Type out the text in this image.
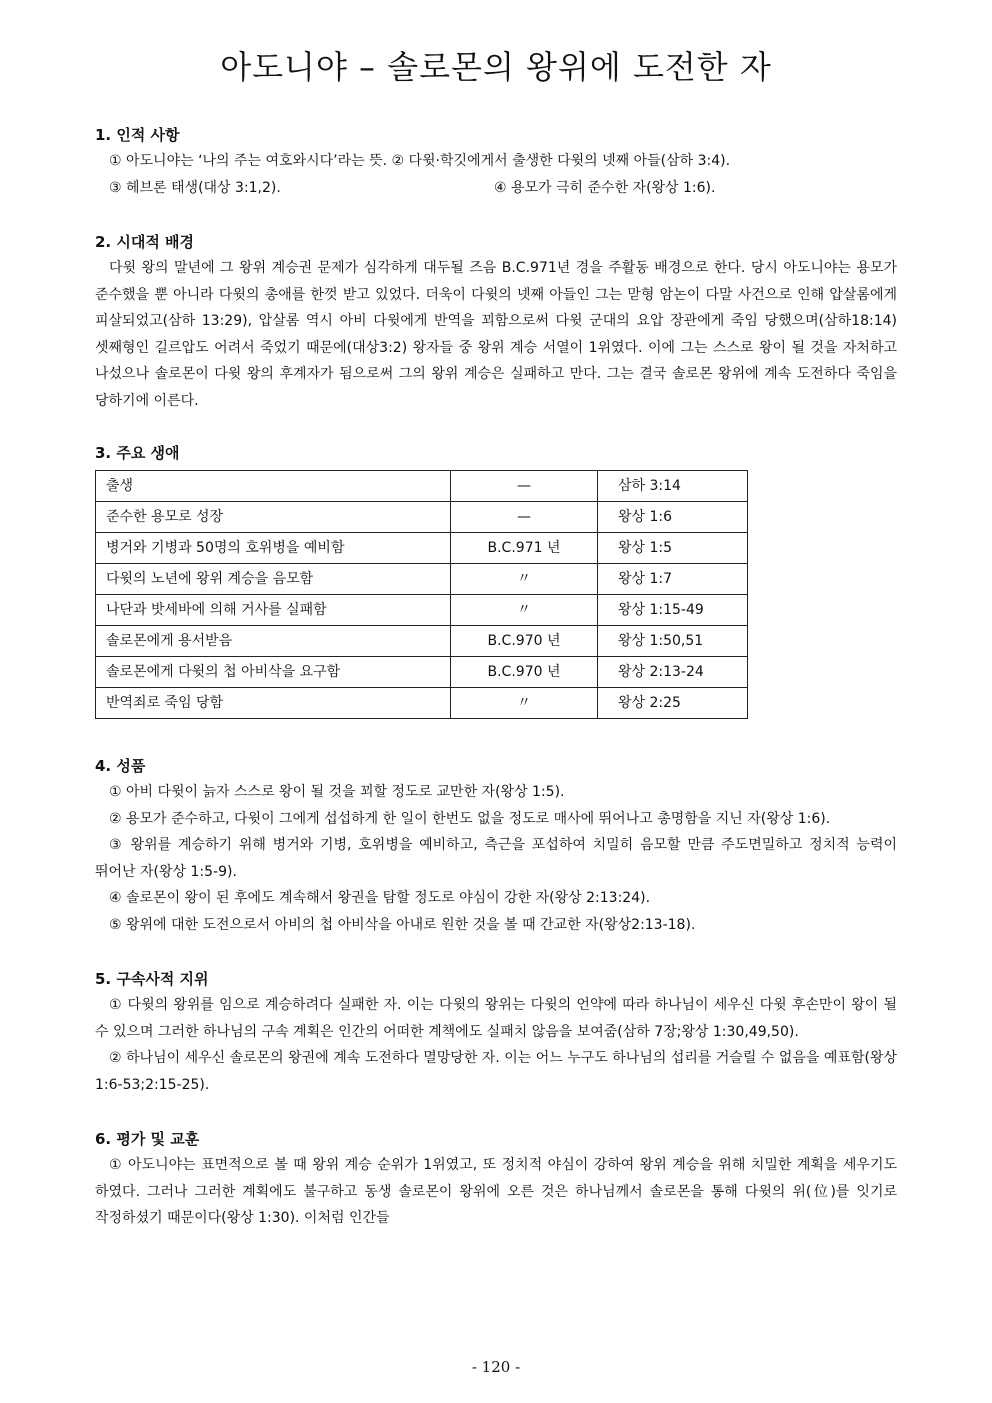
아도니야 – 솔로몬의 왕위에 도전한 자

1. 인적 사항

① 아도니야는 ‘나의 주는 여호와시다’라는 뜻. ② 다윗·학깃에게서 출생한 다윗의 넷째 아들(삼하 3:4).

③ 헤브론 태생(대상 3:1,2).	④ 용모가 극히 준수한 자(왕상 1:6).

2. 시대적 배경

다윗 왕의 말년에 그 왕위 계승권 문제가 심각하게 대두될 즈음 B.C.971년 경을 주활동 배경으로 한다. 당시 아도니야는 용모가 준수했을 뿐 아니라 다윗의 총애를 한껏 받고 있었다. 더욱이 다윗의 넷째 아들인 그는 맏형 암논이 다말 사건으로 인해 압살롬에게 피살되었고(삼하 13:29), 압살롬 역시 아비 다윗에게 반역을 꾀함으로써 다윗 군대의 요압 장관에게 죽임 당했으며(삼하18:14) 셋째형인 길르압도 어려서 죽었기 때문에(대상3:2) 왕자들 중 왕위 계승 서열이 1위였다. 이에 그는 스스로 왕이 될 것을 자처하고 나섰으나 솔로몬이 다윗 왕의 후계자가 됨으로써 그의 왕위 계승은 실패하고 만다. 그는 결국 솔로몬 왕위에 계속 도전하다 죽임을 당하기에 이른다.

3. 주요 생애

출생	—	삼하 3:14
준수한 용모로 성장	—	왕상 1:6
병거와 기병과 50명의 호위병을 예비함	B.C.971 년	왕상 1:5
다윗의 노년에 왕위 계승을 음모함	〃	왕상 1:7
나단과 밧세바에 의해 거사를 실패함	〃	왕상 1:15-49
솔로몬에게 용서받음	B.C.970 년	왕상 1:50,51
솔로몬에게 다윗의 첩 아비삭을 요구함	B.C.970 년	왕상 2:13-24
반역죄로 죽임 당함	〃	왕상 2:25

4. 성품

① 아비 다윗이 늙자 스스로 왕이 될 것을 꾀할 정도로 교만한 자(왕상 1:5).

② 용모가 준수하고, 다윗이 그에게 섭섭하게 한 일이 한번도 없을 정도로 매사에 뛰어나고 총명함을 지닌 자(왕상 1:6).

③ 왕위를 계승하기 위해 병거와 기병, 호위병을 예비하고, 측근을 포섭하여 치밀히 음모할 만큼 주도면밀하고 정치적 능력이 뛰어난 자(왕상 1:5-9).

④ 솔로몬이 왕이 된 후에도 계속해서 왕권을 탐할 정도로 야심이 강한 자(왕상 2:13:24).

⑤ 왕위에 대한 도전으로서 아비의 첩 아비삭을 아내로 원한 것을 볼 때 간교한 자(왕상2:13-18).

5. 구속사적 지위

① 다윗의 왕위를 임으로 계승하려다 실패한 자. 이는 다윗의 왕위는 다윗의 언약에 따라 하나님이 세우신 다윗 후손만이 왕이 될 수 있으며 그러한 하나님의 구속 계획은 인간의 어떠한 계책에도 실패치 않음을 보여줌(삼하 7장;왕상 1:30,49,50).

② 하나님이 세우신 솔로몬의 왕권에 계속 도전하다 멸망당한 자. 이는 어느 누구도 하나님의 섭리를 거슬릴 수 없음을 예표함(왕상 1:6-53;2:15-25).

6. 평가 및 교훈

① 아도니야는 표면적으로 볼 때 왕위 계승 순위가 1위였고, 또 정치적 야심이 강하여 왕위 계승을 위해 치밀한 계획을 세우기도 하였다. 그러나 그러한 계획에도 불구하고 동생 솔로몬이 왕위에 오른 것은 하나님께서 솔로몬을 통해 다윗의 위(位)를 잇기로 작정하셨기 때문이다(왕상 1:30). 이처럼 인간들

- 120 -
